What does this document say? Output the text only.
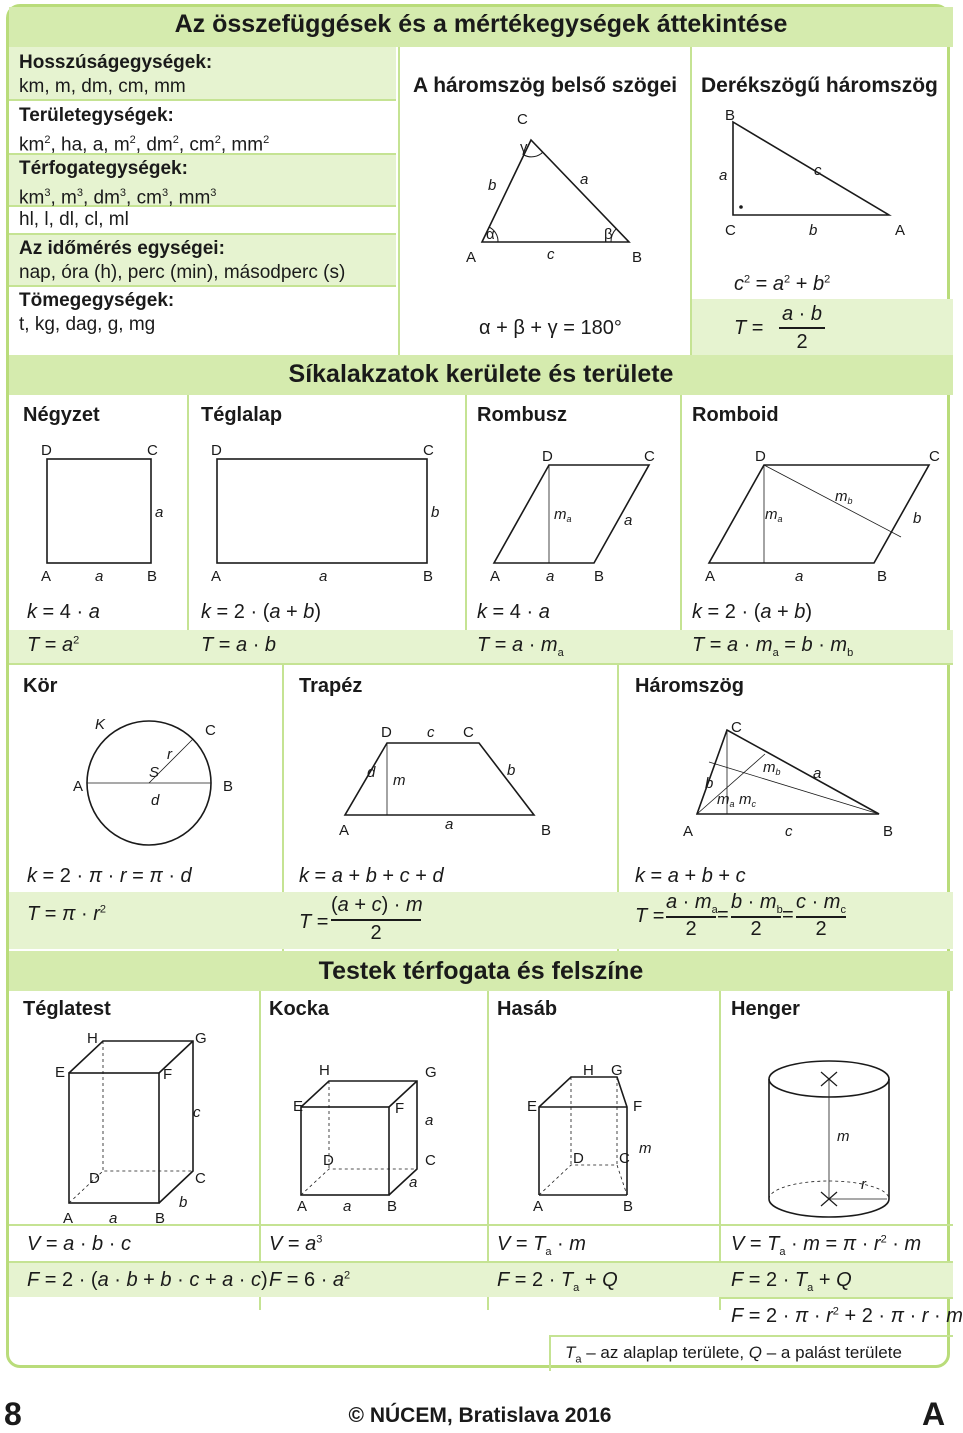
Az összefüggések és a mértékegységek áttekintése
Hosszúságegységek:
km, m, dm, cm, mm
Területegységek:
$km^2$, ha, a, $m^2$, $dm^2$, $cm^2$, $mm^2$
Térfogategységek:
$km^3$, $m^3$, $dm^3$, $cm^3$, $mm^3$
hl, l, dl, cl, ml
Az időmérés egységei:
nap, óra (h), perc (min), másodperc (s)
Tömegegységek:
t, kg, dag, g, mg
A háromszög belső szögei
A	B
C
a
b
c
α	β
γ
α + β + γ = 180°
Derékszögű háromszög
B
C	A
a
b
c
$c^2 = a^2 + b^2$
T =
a · b
2
Síkalakzatok kerülete és területe
Négyzet
D	C
A	B
a
a
k = 4 · a
$T = a^2$
Téglalap
D	C
A	B
a
b
k = 2 · (a + b)
T = a · b
Rombusz
D	C
A	B
a
a
$m_a$
k = 4 · a
$T = a \cdot m_a$
Romboid
D	C
A	B
a
b
$m_a$
$m_b$
k = 2 · (a + b)
$T = a \cdot m_a = b \cdot m_b$
Kör
K	C
A	B
S
r
d
k = 2 · π · r = π · d
$T = \pi \cdot r^2$
Trapéz
D	C
A	B
c
a
b
d m
k = a + b + c + d
T =
(a + c) · m
2
Háromszög
C
A	B
c
a
b
$m_a$ $m_c$
$m_b$
k = a + b + c
T =
$a \cdot m_a$
2
=
$b \cdot m_b$
2
=
$c \cdot m_c$
2
Testek térfogata és felszíne
Téglatest
E	F
H	G
D	C
A	B
a
b
c
V = a · b · c
F = 2 · (a · b + b · c + a · c)
Kocka
E	F
H	G
D	C
A	B
a
a
a
$V = a^3$
$F = 6 \cdot a^2$
Hasáb
E	F
H G
D C
A	B
m
$V = T_a \cdot m$
$F = 2 \cdot T_a + Q$
Henger
m
r
$V = T_a \cdot m = \pi \cdot r^2 \cdot m$
$F = 2 \cdot T_a + Q$
$F = 2 \cdot \pi \cdot r^2 + 2 \cdot \pi \cdot r \cdot m$
$T_a$ – az alaplap területe, Q – a palást területe
8	© NÚCEM, Bratislava 2016	A
